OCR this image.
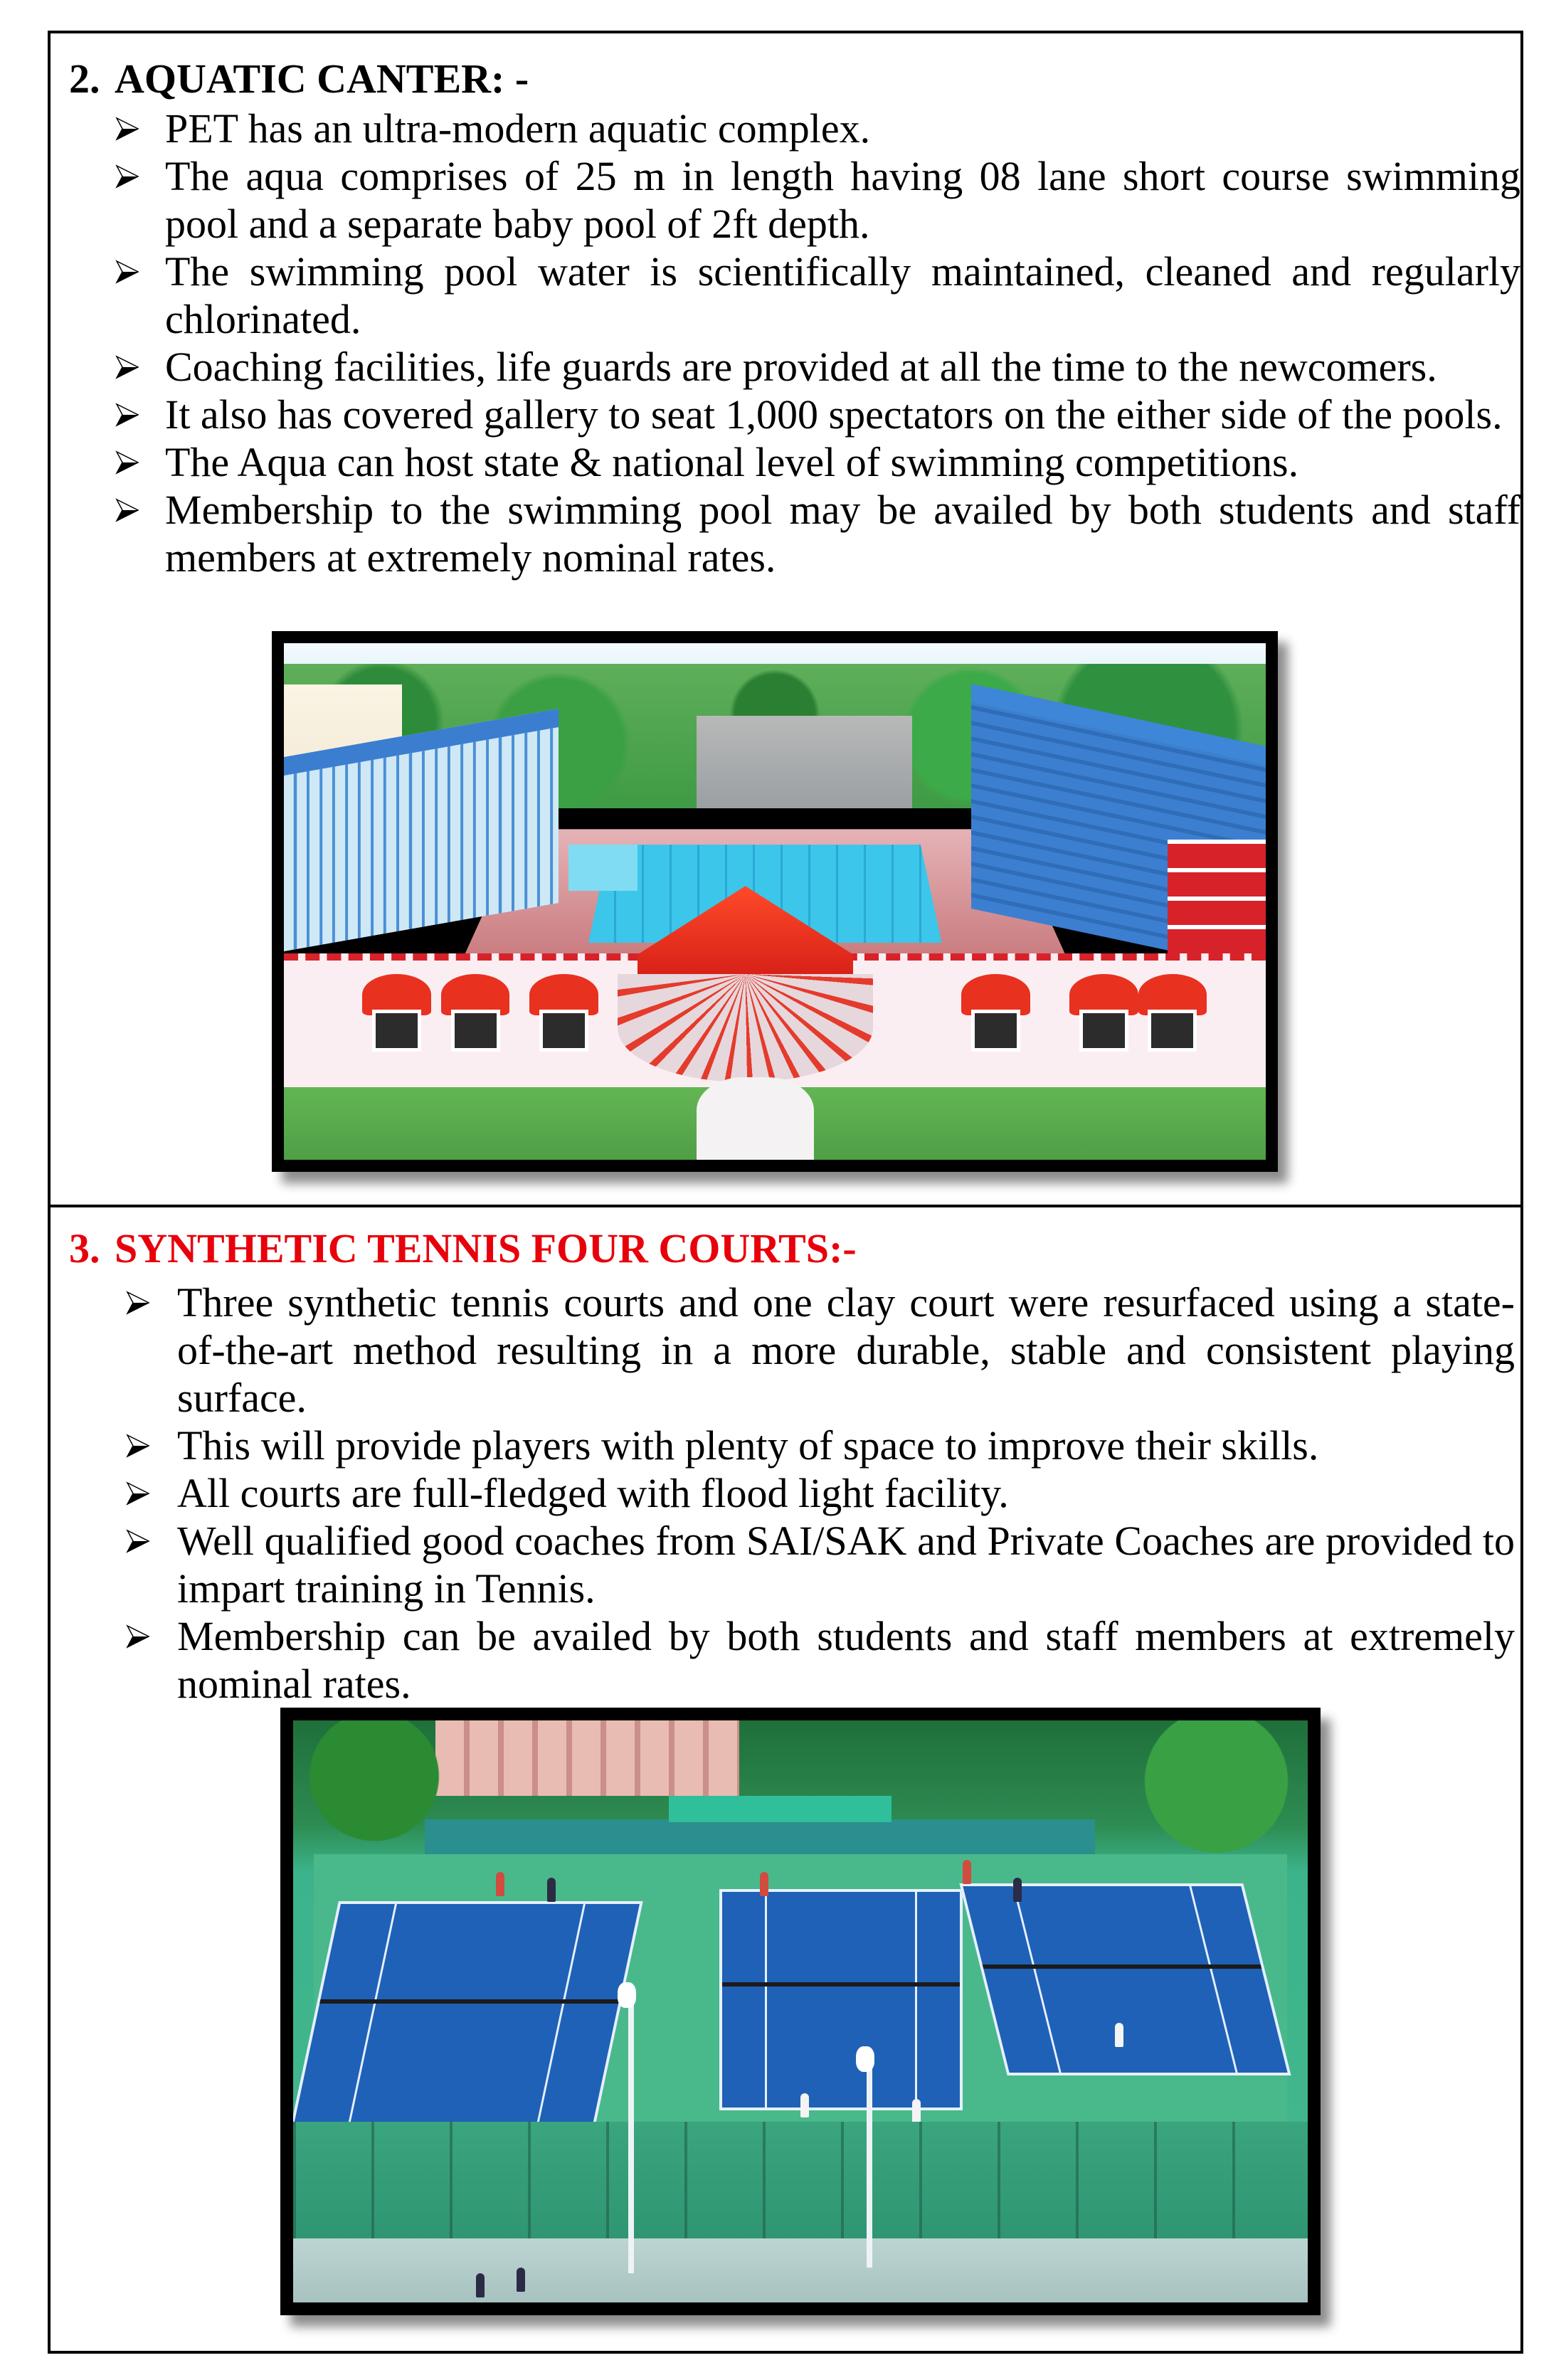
2. AQUATIC CANTER: -
PET has an ultra-modern aquatic complex.
The aqua comprises of 25 m in length having 08 lane short course swimming pool and a separate baby pool of 2ft depth.
The swimming pool water is scientifically maintained, cleaned and regularly chlorinated.
Coaching facilities, life guards are provided at all the time to the newcomers.
It also has covered gallery to seat 1,000 spectators on the either side of the pools.
The Aqua can host state & national level of swimming competitions.
Membership to the swimming pool may be availed by both students and staff members at extremely nominal rates.
3. SYNTHETIC TENNIS FOUR COURTS:-
Three synthetic tennis courts and one clay court were resurfaced using a state-of-the-art method resulting in a more durable, stable and consistent playing surface.
This will provide players with plenty of space to improve their skills.
All courts are full-fledged with flood light facility.
Well qualified good coaches from SAI/SAK and Private Coaches are provided to impart training in Tennis.
Membership can be availed by both students and staff members at extremely nominal rates.
